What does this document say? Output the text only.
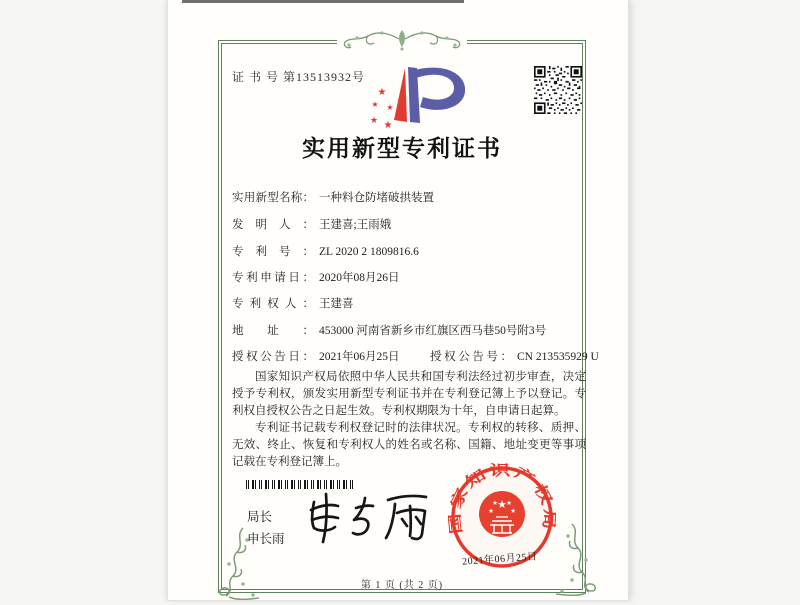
证 书 号 第13513932号
★
★ ★
★ ★
实用新型专利证书
实用新型名称： 一种料仓防堵破拱装置
发明人： 王建喜;王雨娥
专利号： ZL 2020 2 1809816.6
专利申请日： 2020年08月26日
专利权人： 王建喜
地址： 453000 河南省新乡市红旗区西马巷50号附3号
授权公告日： 2021年06月25日	授权公告号： CN 213535929 U

国家知识产权局依照中华人民共和国专利法经过初步审查，决定授予专利权，颁发实用新型专利证书并在专利登记簿上予以登记。专利权自授权公告之日起生效。专利权期限为十年，自申请日起算。

专利证书记载专利权登记时的法律状况。专利权的转移、质押、无效、终止、恢复和专利权人的姓名或名称、国籍、地址变更等事项记载在专利登记簿上。

局长
申长雨
国家知识产权局
★
★
★ ★
★
2021年06月25日
第 1 页 (共 2 页)
